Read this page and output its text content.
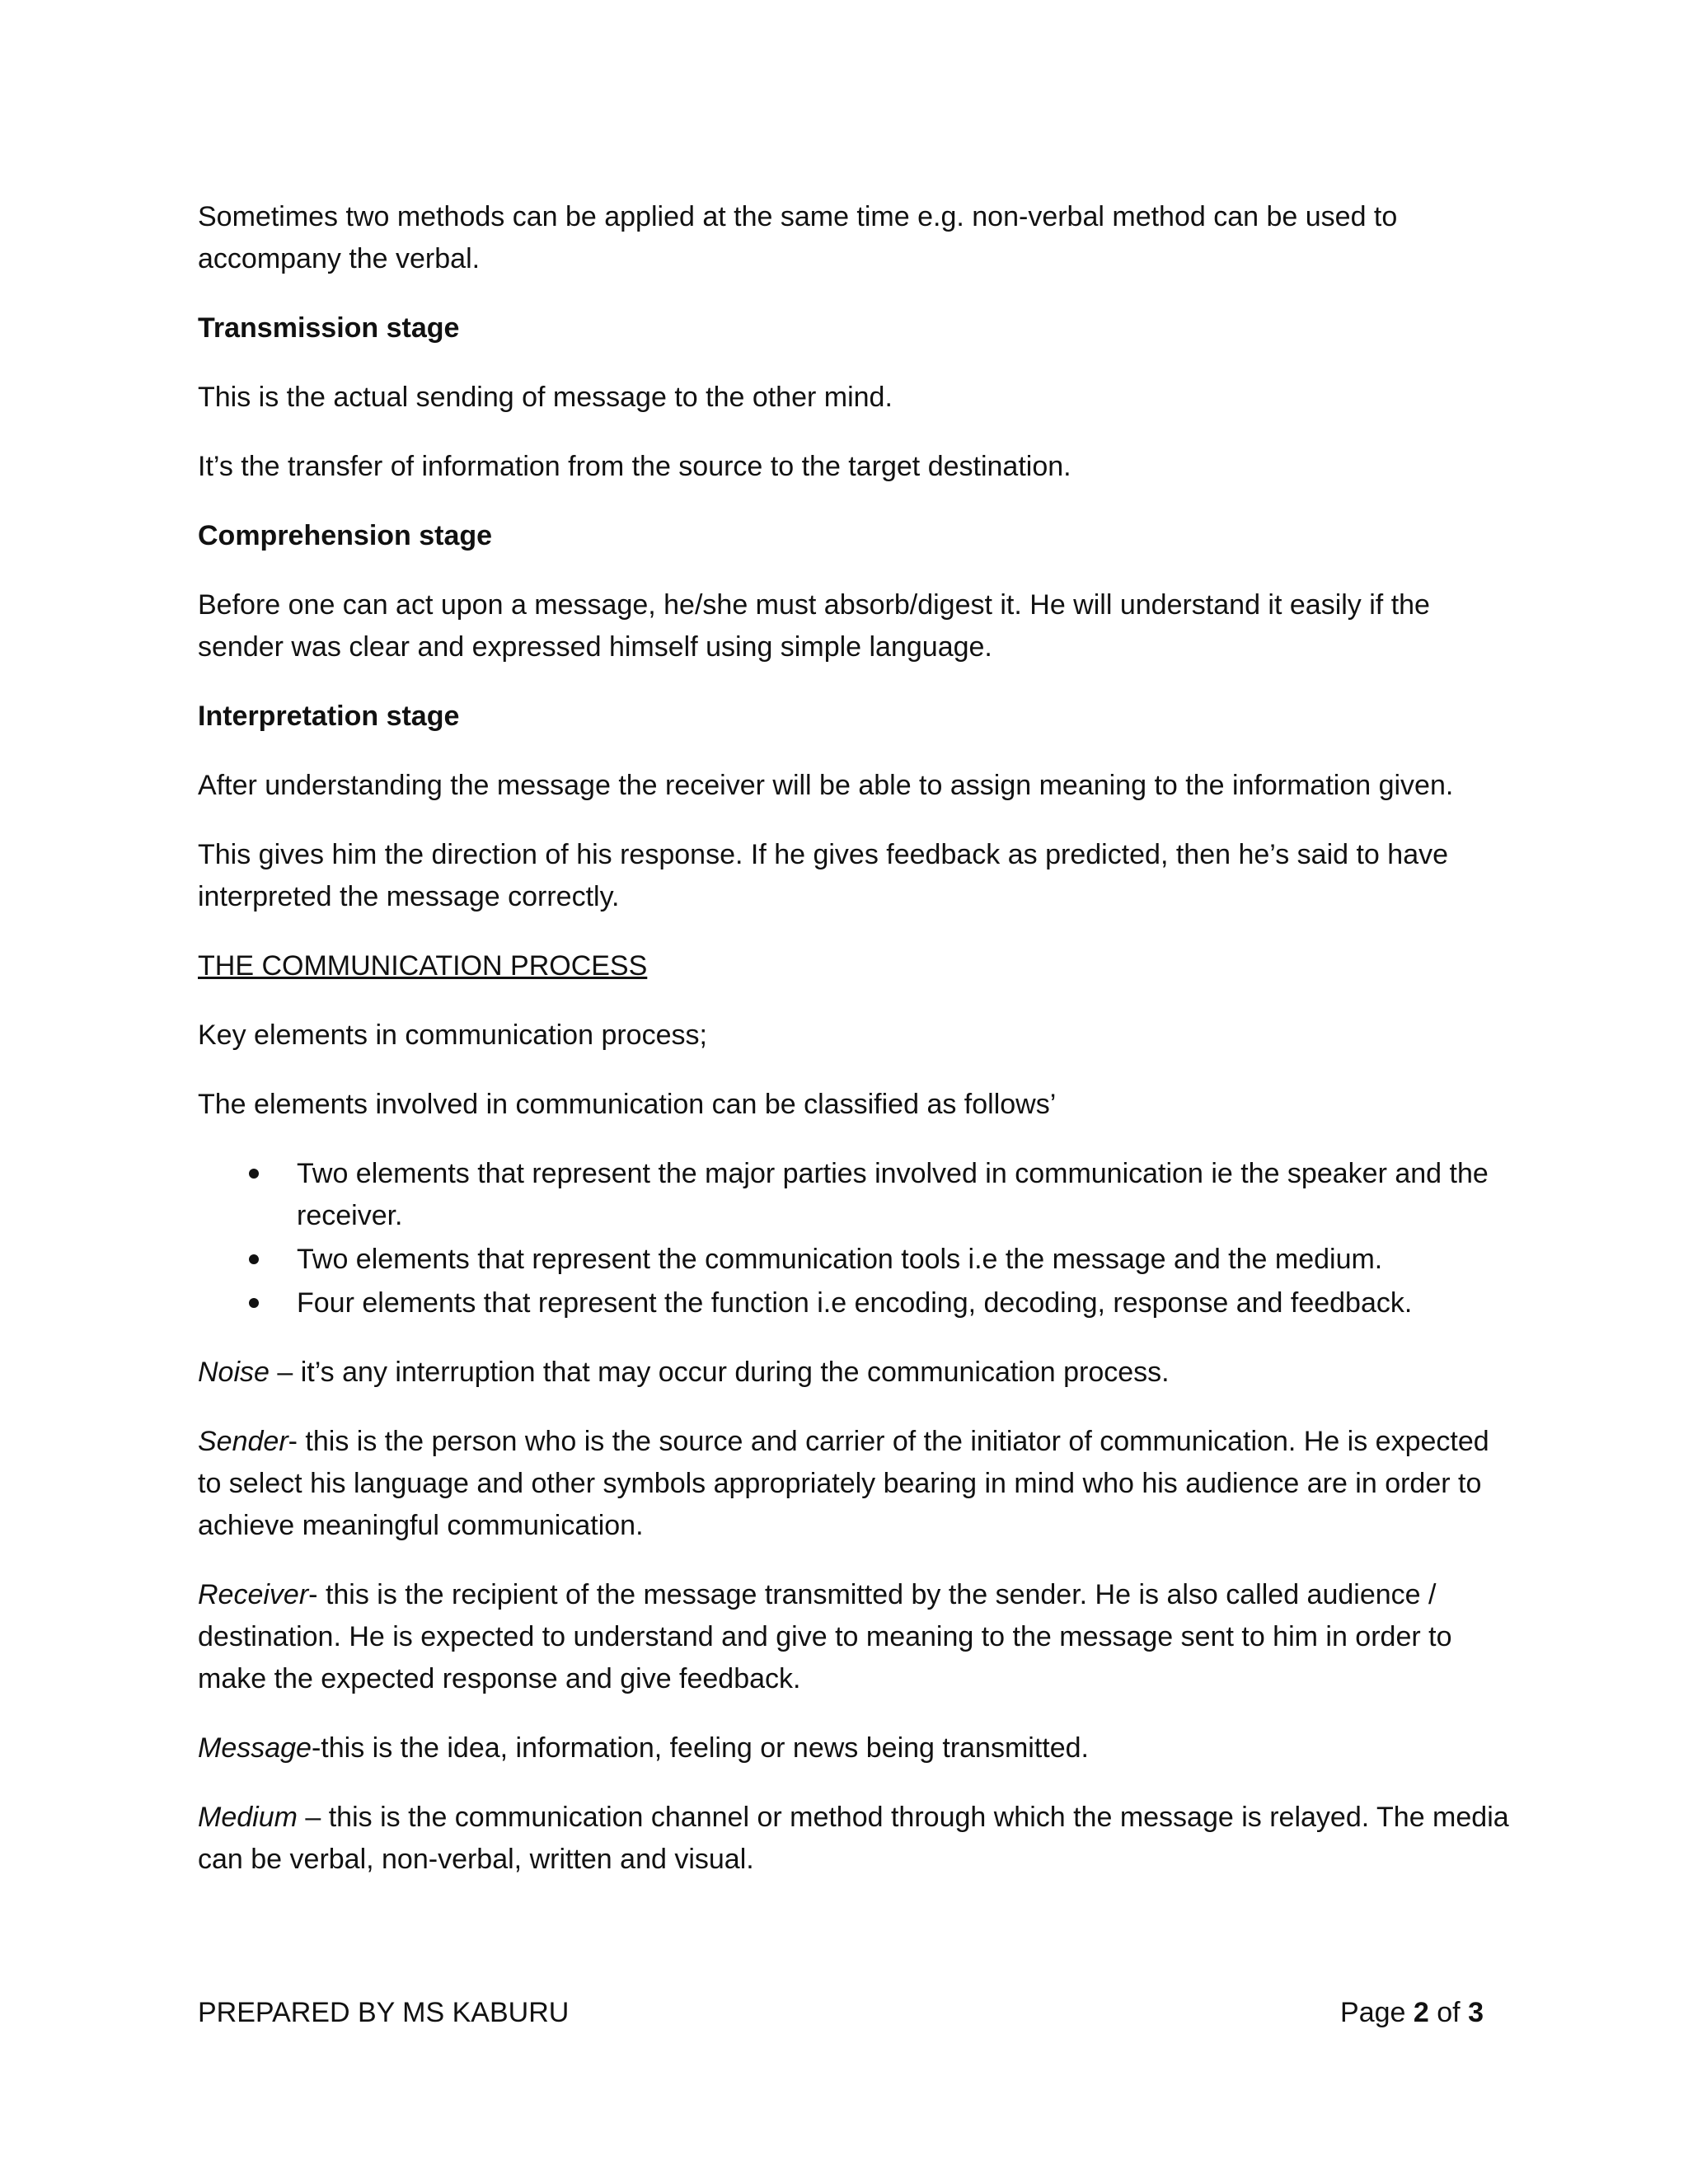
Sometimes two methods can be applied at the same time e.g. non-verbal method can be used to accompany the verbal.

Transmission stage

This is the actual sending of message to the other mind.

It’s the transfer of information from the source to the target destination.

Comprehension stage

Before one can act upon a message, he/she must absorb/digest it. He will understand it easily if the sender was clear and expressed himself using simple language.

Interpretation stage

After understanding the message the receiver will be able to assign meaning to the information given.

This gives him the direction of his response. If he gives feedback as predicted, then he’s said to have interpreted the message correctly.

THE COMMUNICATION PROCESS

Key elements in communication process;

The elements involved in communication can be classified as follows’

Two elements that represent the major parties involved in communication ie the speaker and the receiver.
Two elements that represent the communication tools i.e the message and the medium.
Four elements that represent the function i.e encoding, decoding, response and feedback.

Noise – it’s any interruption that may occur during the communication process.

Sender- this is the person who is the source and carrier of the initiator of communication. He is expected to select his language and other symbols appropriately bearing in mind who his audience are in order to achieve meaningful communication.

Receiver- this is the recipient of the message transmitted by the sender. He is also called audience / destination. He is expected to understand and give to meaning to the message sent to him in order to make the expected response and give feedback.

Message-this is the idea, information, feeling or news being transmitted.

Medium – this is the communication channel or method through which the message is relayed. The media can be verbal, non-verbal, written and visual.

PREPARED BY MS KABURU	Page 2 of 3
